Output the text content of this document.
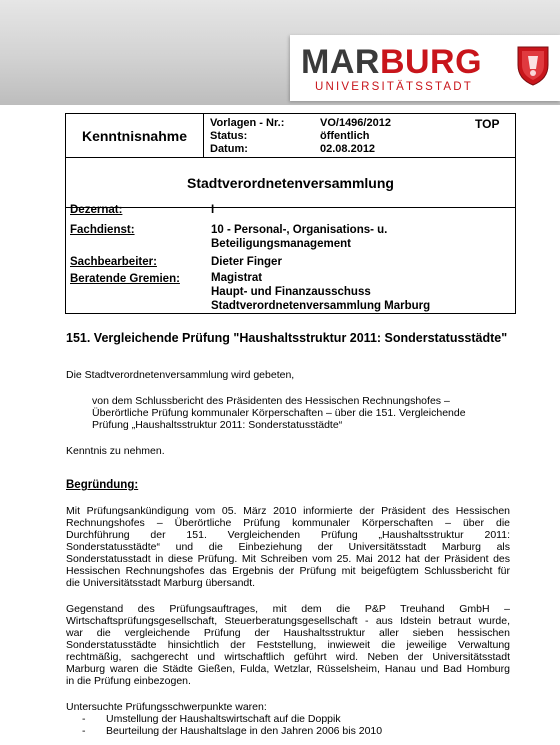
MARBURG
UNIVERSITÄTSSTADT
Kenntnisnahme
Vorlagen - Nr.:	VO/1496/2012
Status:	öffentlich
Datum:	02.08.2012
TOP
Stadtverordnetenversammlung
Dezernat:	I
Fachdienst:	10 - Personal-, Organisations- u.
Beteiligungsmanagement
Sachbearbeiter:	Dieter Finger
Beratende Gremien:	Magistrat
Haupt- und Finanzausschuss
Stadtverordnetenversammlung Marburg
151. Vergleichende Prüfung "Haushaltsstruktur 2011: Sonderstatusstädte"
Die Stadtverordnetenversammlung wird gebeten,
von dem Schlussbericht des Präsidenten des Hessischen Rechnungshofes –
Überörtliche Prüfung kommunaler Körperschaften – über die 151. Vergleichende
Prüfung „Haushaltsstruktur 2011: Sonderstatusstädte“
Kenntnis zu nehmen.
Begründung:
Mit Prüfungsankündigung vom 05. März 2010 informierte der Präsident des Hessischen
Rechnungshofes – Überörtliche Prüfung kommunaler Körperschaften – über die
Durchführung der 151. Vergleichenden Prüfung „Haushaltsstruktur 2011:
Sonderstatusstädte“ und die Einbeziehung der Universitätsstadt Marburg als
Sonderstatusstadt in diese Prüfung. Mit Schreiben vom 25. Mai 2012 hat der Präsident des
Hessischen Rechnungshofes das Ergebnis der Prüfung mit beigefügtem Schlussbericht für
die Universitätsstadt Marburg übersandt.
Gegenstand des Prüfungsauftrages, mit dem die P&P Treuhand GmbH –
Wirtschaftsprüfungsgesellschaft, Steuerberatungsgesellschaft - aus Idstein betraut wurde,
war die vergleichende Prüfung der Haushaltsstruktur aller sieben hessischen
Sonderstatusstädte hinsichtlich der Feststellung, inwieweit die jeweilige Verwaltung
rechtmäßig, sachgerecht und wirtschaftlich geführt wird. Neben der Universitätsstadt
Marburg waren die Städte Gießen, Fulda, Wetzlar, Rüsselsheim, Hanau und Bad Homburg
in die Prüfung einbezogen.
Untersuchte Prüfungsschwerpunkte waren:
- Umstellung der Haushaltswirtschaft auf die Doppik
- Beurteilung der Haushaltslage in den Jahren 2006 bis 2010
